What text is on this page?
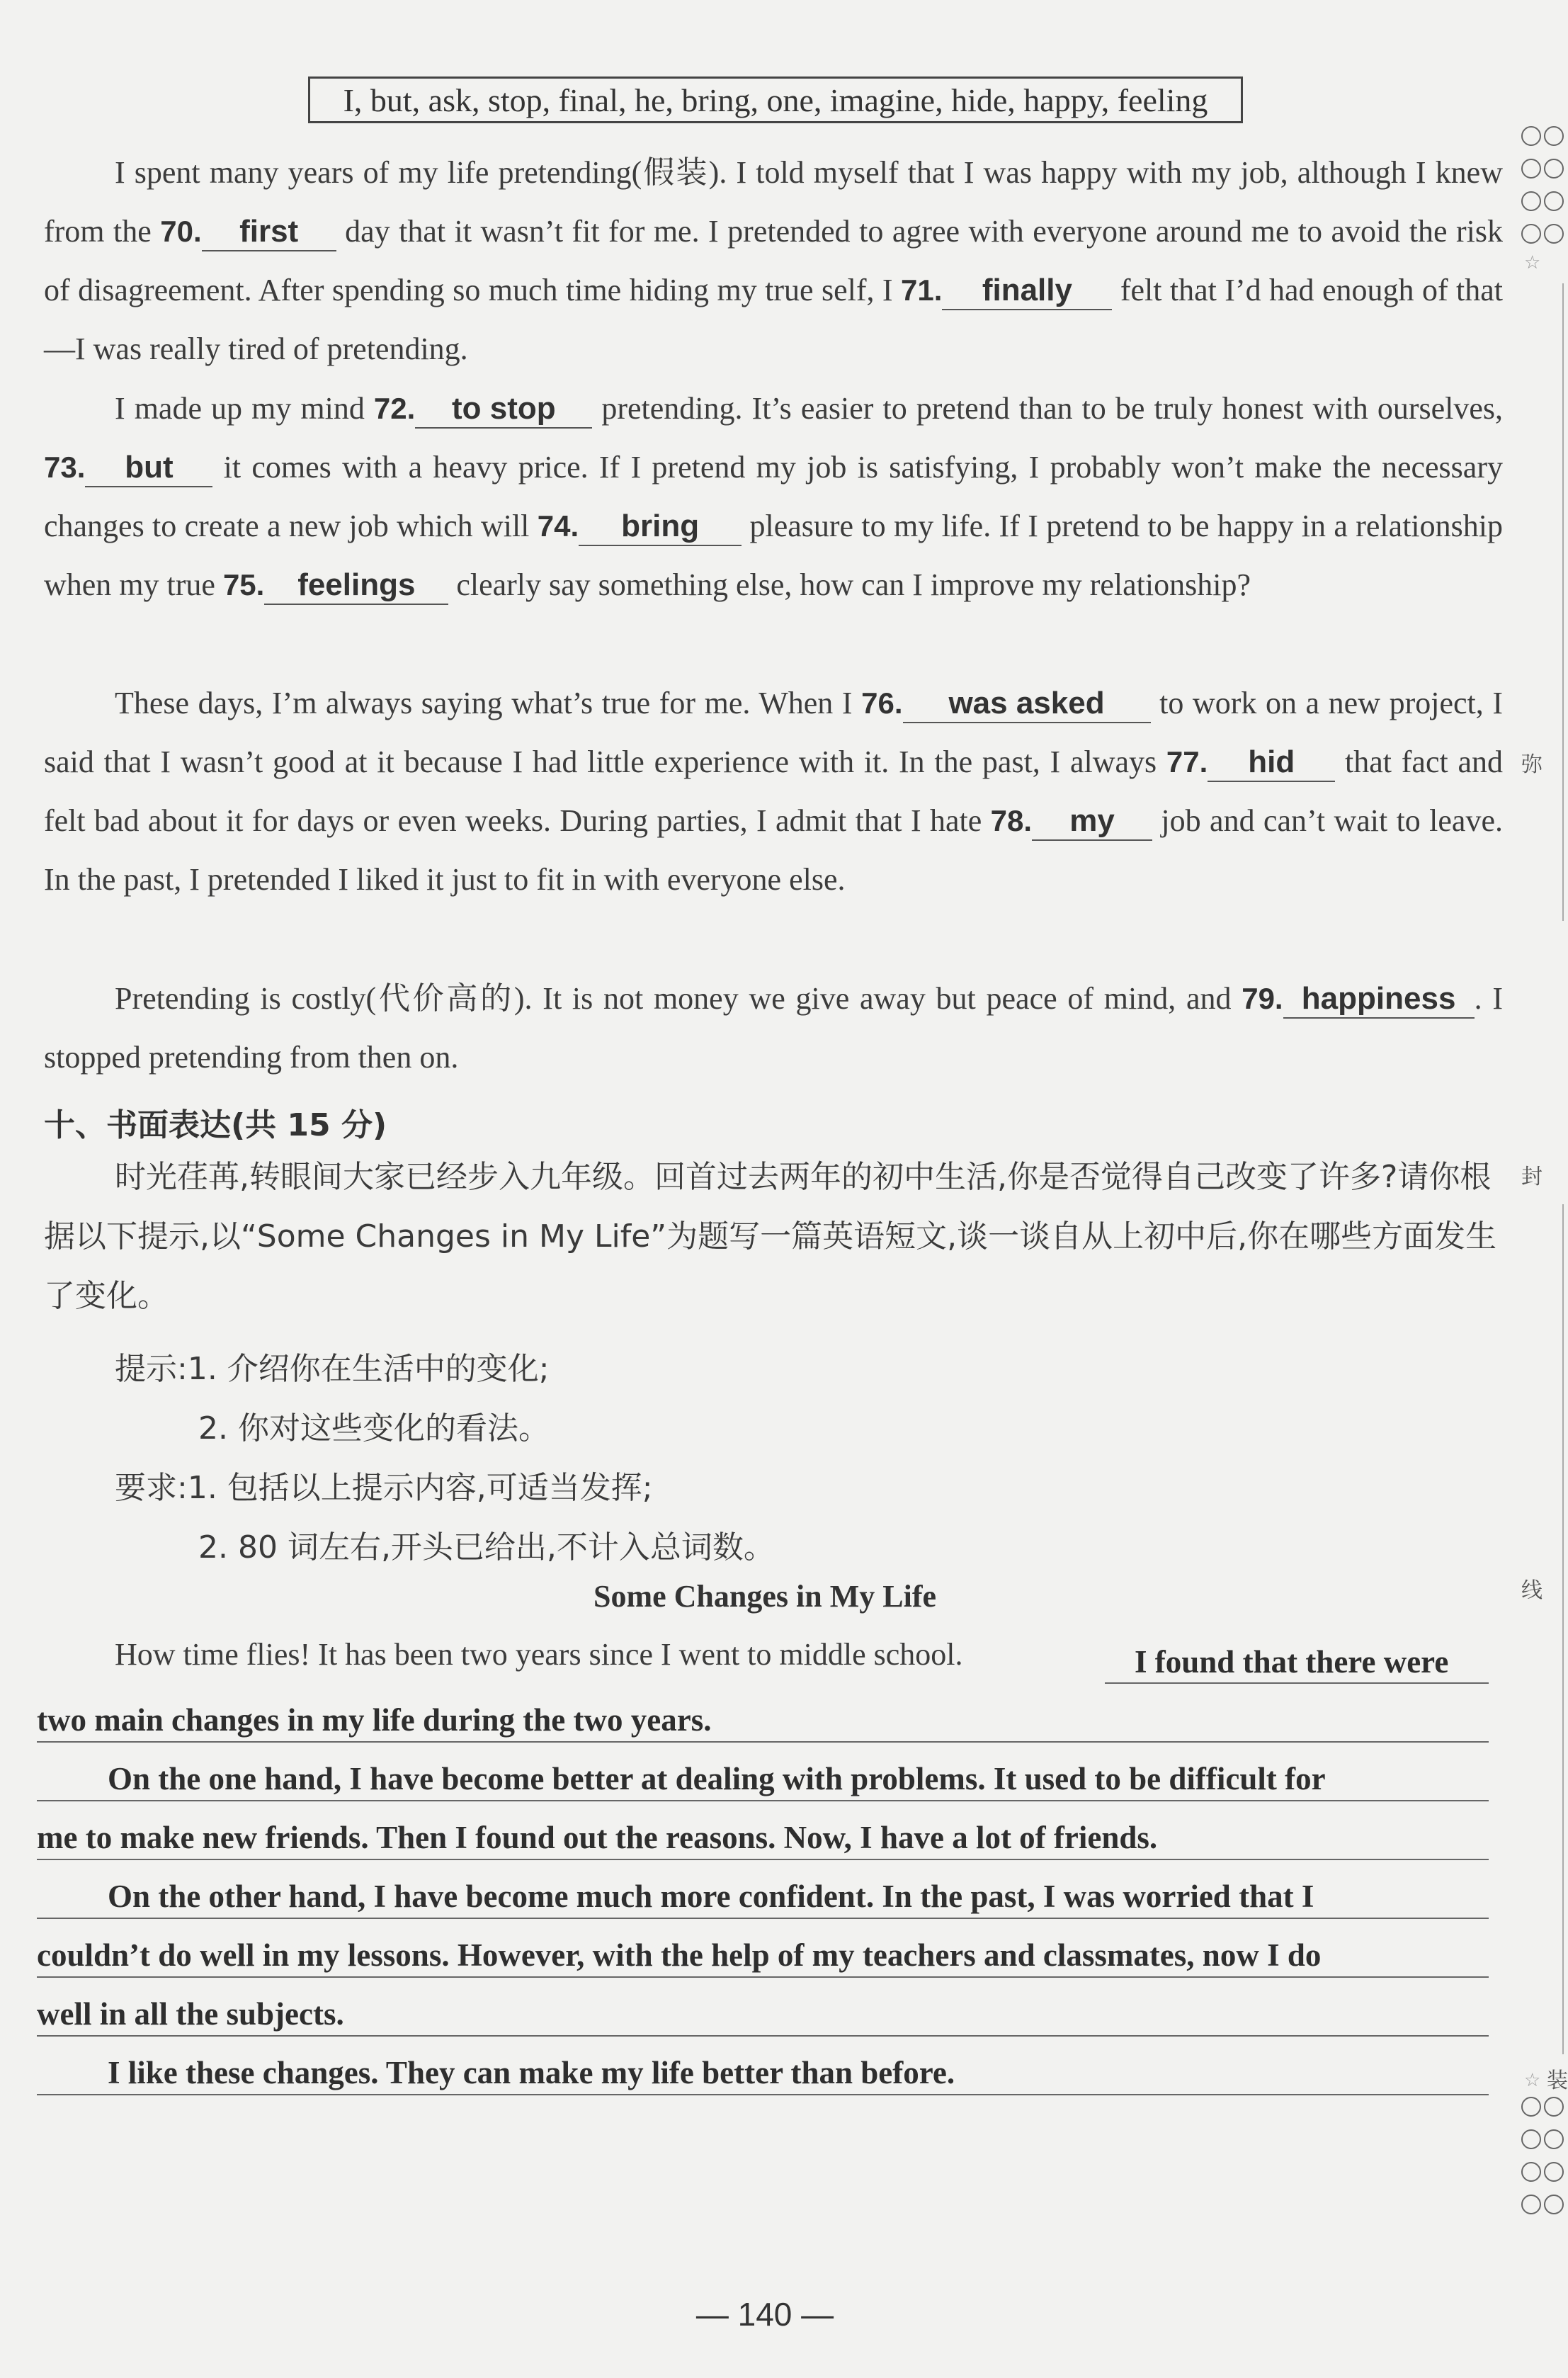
I, but, ask, stop, final, he, bring, one, imagine, hide, happy, feeling
I spent many years of my life pretending(假装). I told myself that I was happy with my job, although I knew from the 70. first day that it wasn’t fit for me. I pretended to agree with everyone around me to avoid the risk of disagreement. After spending so much time hiding my true self, I 71. finally felt that I’d had enough of that—I was really tired of pretending.
I made up my mind 72. to stop pretending. It’s easier to pretend than to be truly honest with ourselves, 73. but it comes with a heavy price. If I pretend my job is satisfying, I probably won’t make the necessary changes to create a new job which will 74. bring pleasure to my life. If I pretend to be happy in a relationship when my true 75. feelings clearly say something else, how can I improve my relationship?
These days, I’m always saying what’s true for me. When I 76. was asked to work on a new project, I said that I wasn’t good at it because I had little experience with it. In the past, I always 77. hid that fact and felt bad about it for days or even weeks. During parties, I admit that I hate 78. my job and can’t wait to leave. In the past, I pretended I liked it just to fit in with everyone else.
Pretending is costly(代价高的). It is not money we give away but peace of mind, and 79. happiness . I stopped pretending from then on.
十、书面表达(共 15 分)
时光荏苒,转眼间大家已经步入九年级。回首过去两年的初中生活,你是否觉得自己改变了许多?请你根据以下提示,以“Some Changes in My Life”为题写一篇英语短文,谈一谈自从上初中后,你在哪些方面发生了变化。
提示:1. 介绍你在生活中的变化;
2. 你对这些变化的看法。
要求:1. 包括以上提示内容,可适当发挥;
2. 80 词左右,开头已给出,不计入总词数。
Some Changes in My Life
How time flies! It has been two years since I went to middle school.	I found that there were
two main changes in my life during the two years.
On the one hand, I have become better at dealing with problems. It used to be difficult for
me to make new friends. Then I found out the reasons. Now, I have a lot of friends.
On the other hand, I have become much more confident. In the past, I was worried that I
couldn’t do well in my lessons. However, with the help of my teachers and classmates, now I do
well in all the subjects.
I like these changes. They can make my life better than before.
— 140 —
☆
弥
封
线
装
☆
